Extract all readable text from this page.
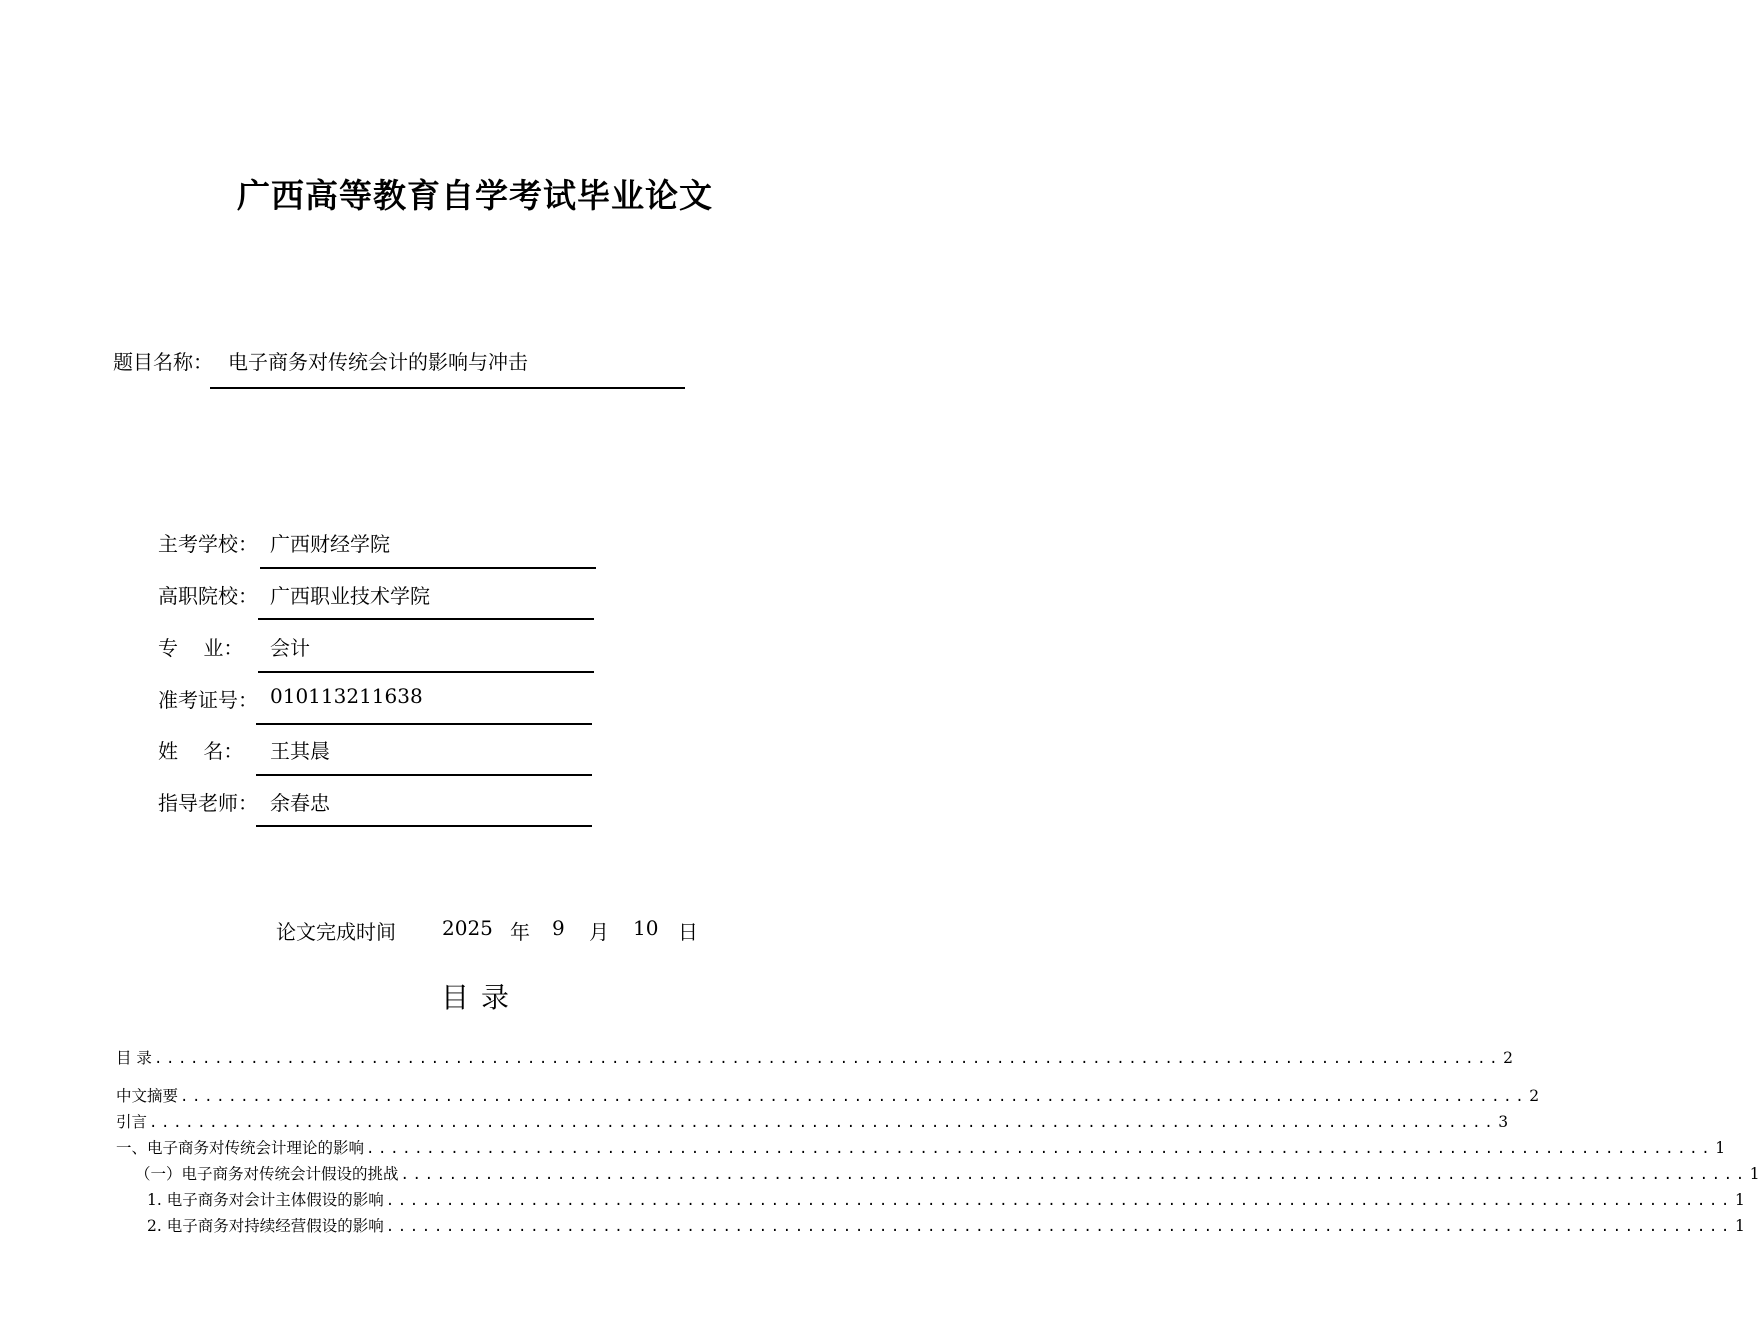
广西高等教育自学考试毕业论文
题目名称： 电子商务对传统会计的影响与冲击
主考学校： 广西财经学院
高职院校： 广西职业技术学院
专    业： 会计
准考证号： 010113211638
姓    名： 王其晨
指导老师： 余春忠
论文完成时间 2025 年 9 月 10 日
目录
目 录 ................................................................................................................ 2
中文摘要 ................................................................................................................ 2
引言 ................................................................................................................ 3
一、电子商务对传统会计理论的影响 ................................................................................................................ 1
（一）电子商务对传统会计假设的挑战 ................................................................................................................ 1
1. 电子商务对会计主体假设的影响 ................................................................................................................ 1
2. 电子商务对持续经营假设的影响 ................................................................................................................ 1
